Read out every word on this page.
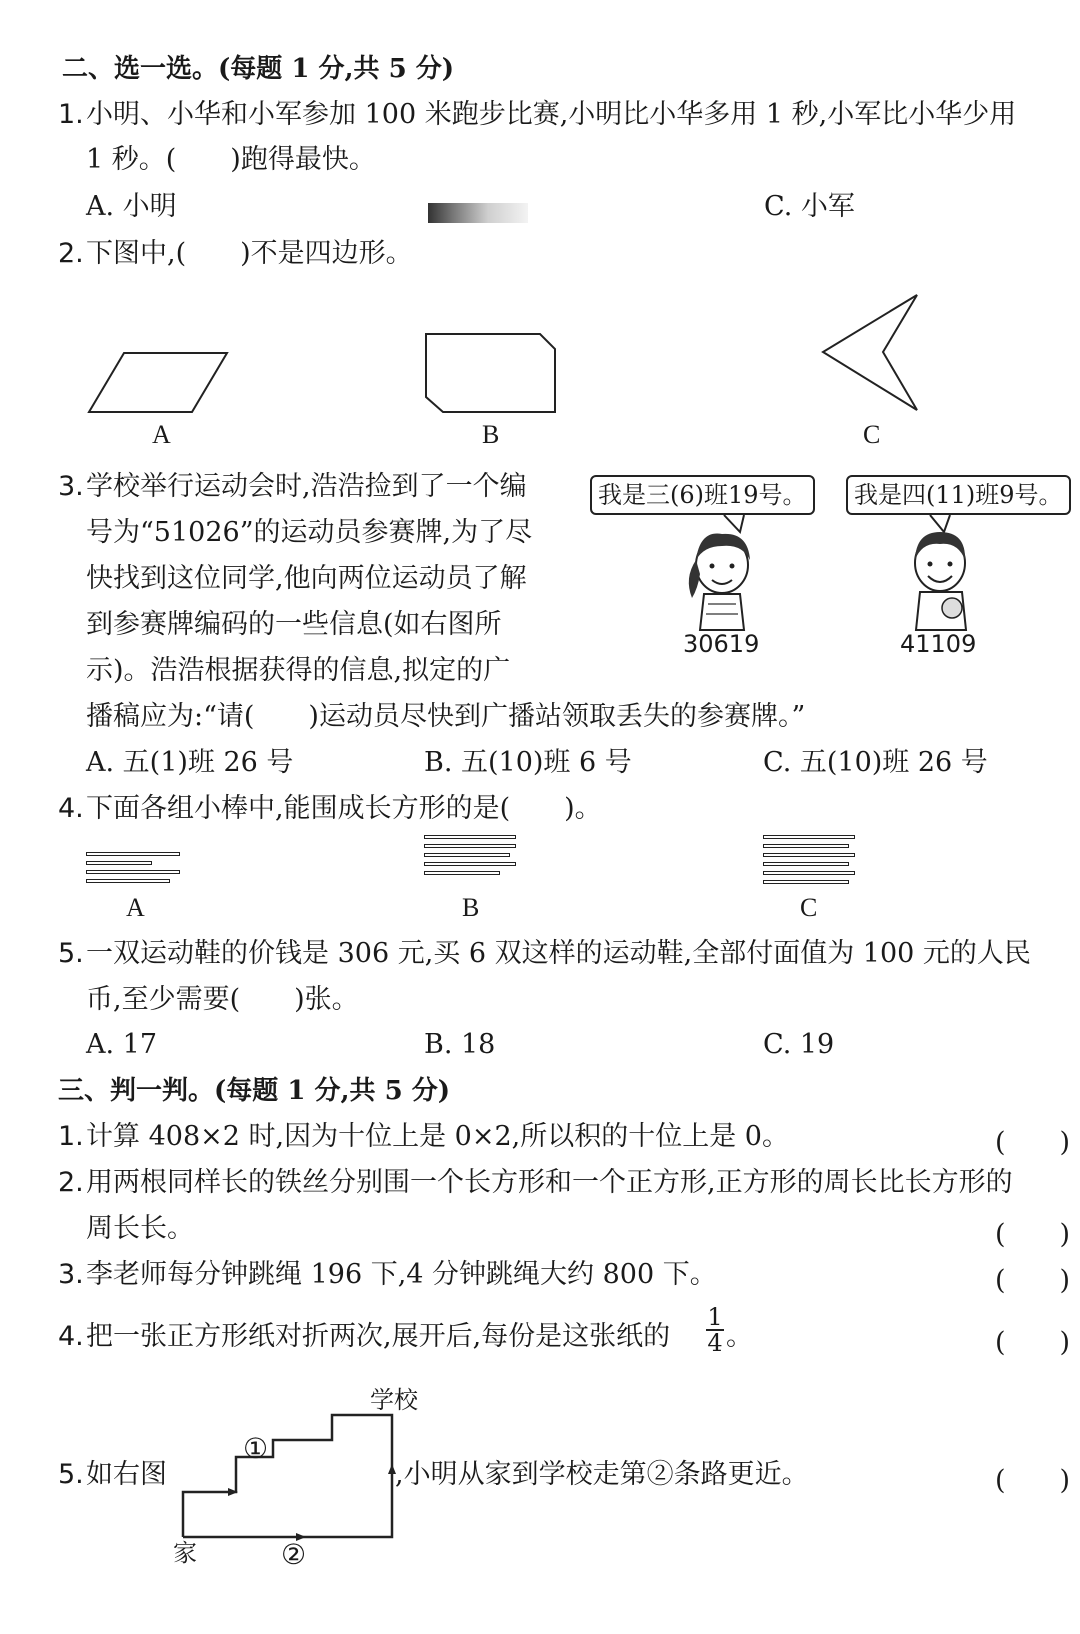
二、选一选。(每题 1 分,共 5 分)
1. 小明、小华和小军参加 100 米跑步比赛,小明比小华多用 1 秒,小军比小华少用
1 秒。(　　)跑得最快。
A. 小明	C. 小军
2. 下图中,(　　)不是四边形。
A	B	C
3. 学校举行运动会时,浩浩捡到了一个编
号为“51026”的运动员参赛牌,为了尽
快找到这位同学,他向两位运动员了解
到参赛牌编码的一些信息(如右图所
示)。浩浩根据获得的信息,拟定的广
播稿应为:“请(　　)运动员尽快到广播站领取丢失的参赛牌。”
我是三(6)班19号。	我是四(11)班9号。
30619	41109
A. 五(1)班 26 号	B. 五(10)班 6 号	C. 五(10)班 26 号
4. 下面各组小棒中,能围成长方形的是(　　)。
A	B	C
5. 一双运动鞋的价钱是 306 元,买 6 双这样的运动鞋,全部付面值为 100 元的人民
币,至少需要(　　)张。
A. 17	B. 18	C. 19
三、判一判。(每题 1 分,共 5 分)
1. 计算 408×2 时,因为十位上是 0×2,所以积的十位上是 0。	(　　)
2. 用两根同样长的铁丝分别围一个长方形和一个正方形,正方形的周长比长方形的
周长长。	(　　)
3. 李老师每分钟跳绳 196 下,4 分钟跳绳大约 800 下。	(　　)
4. 把一张正方形纸对折两次,展开后,每份是这张纸的
1
4 。	(　　)
5. 如右图	,小明从家到学校走第②条路更近。	(　　)
学校
家
①
②
